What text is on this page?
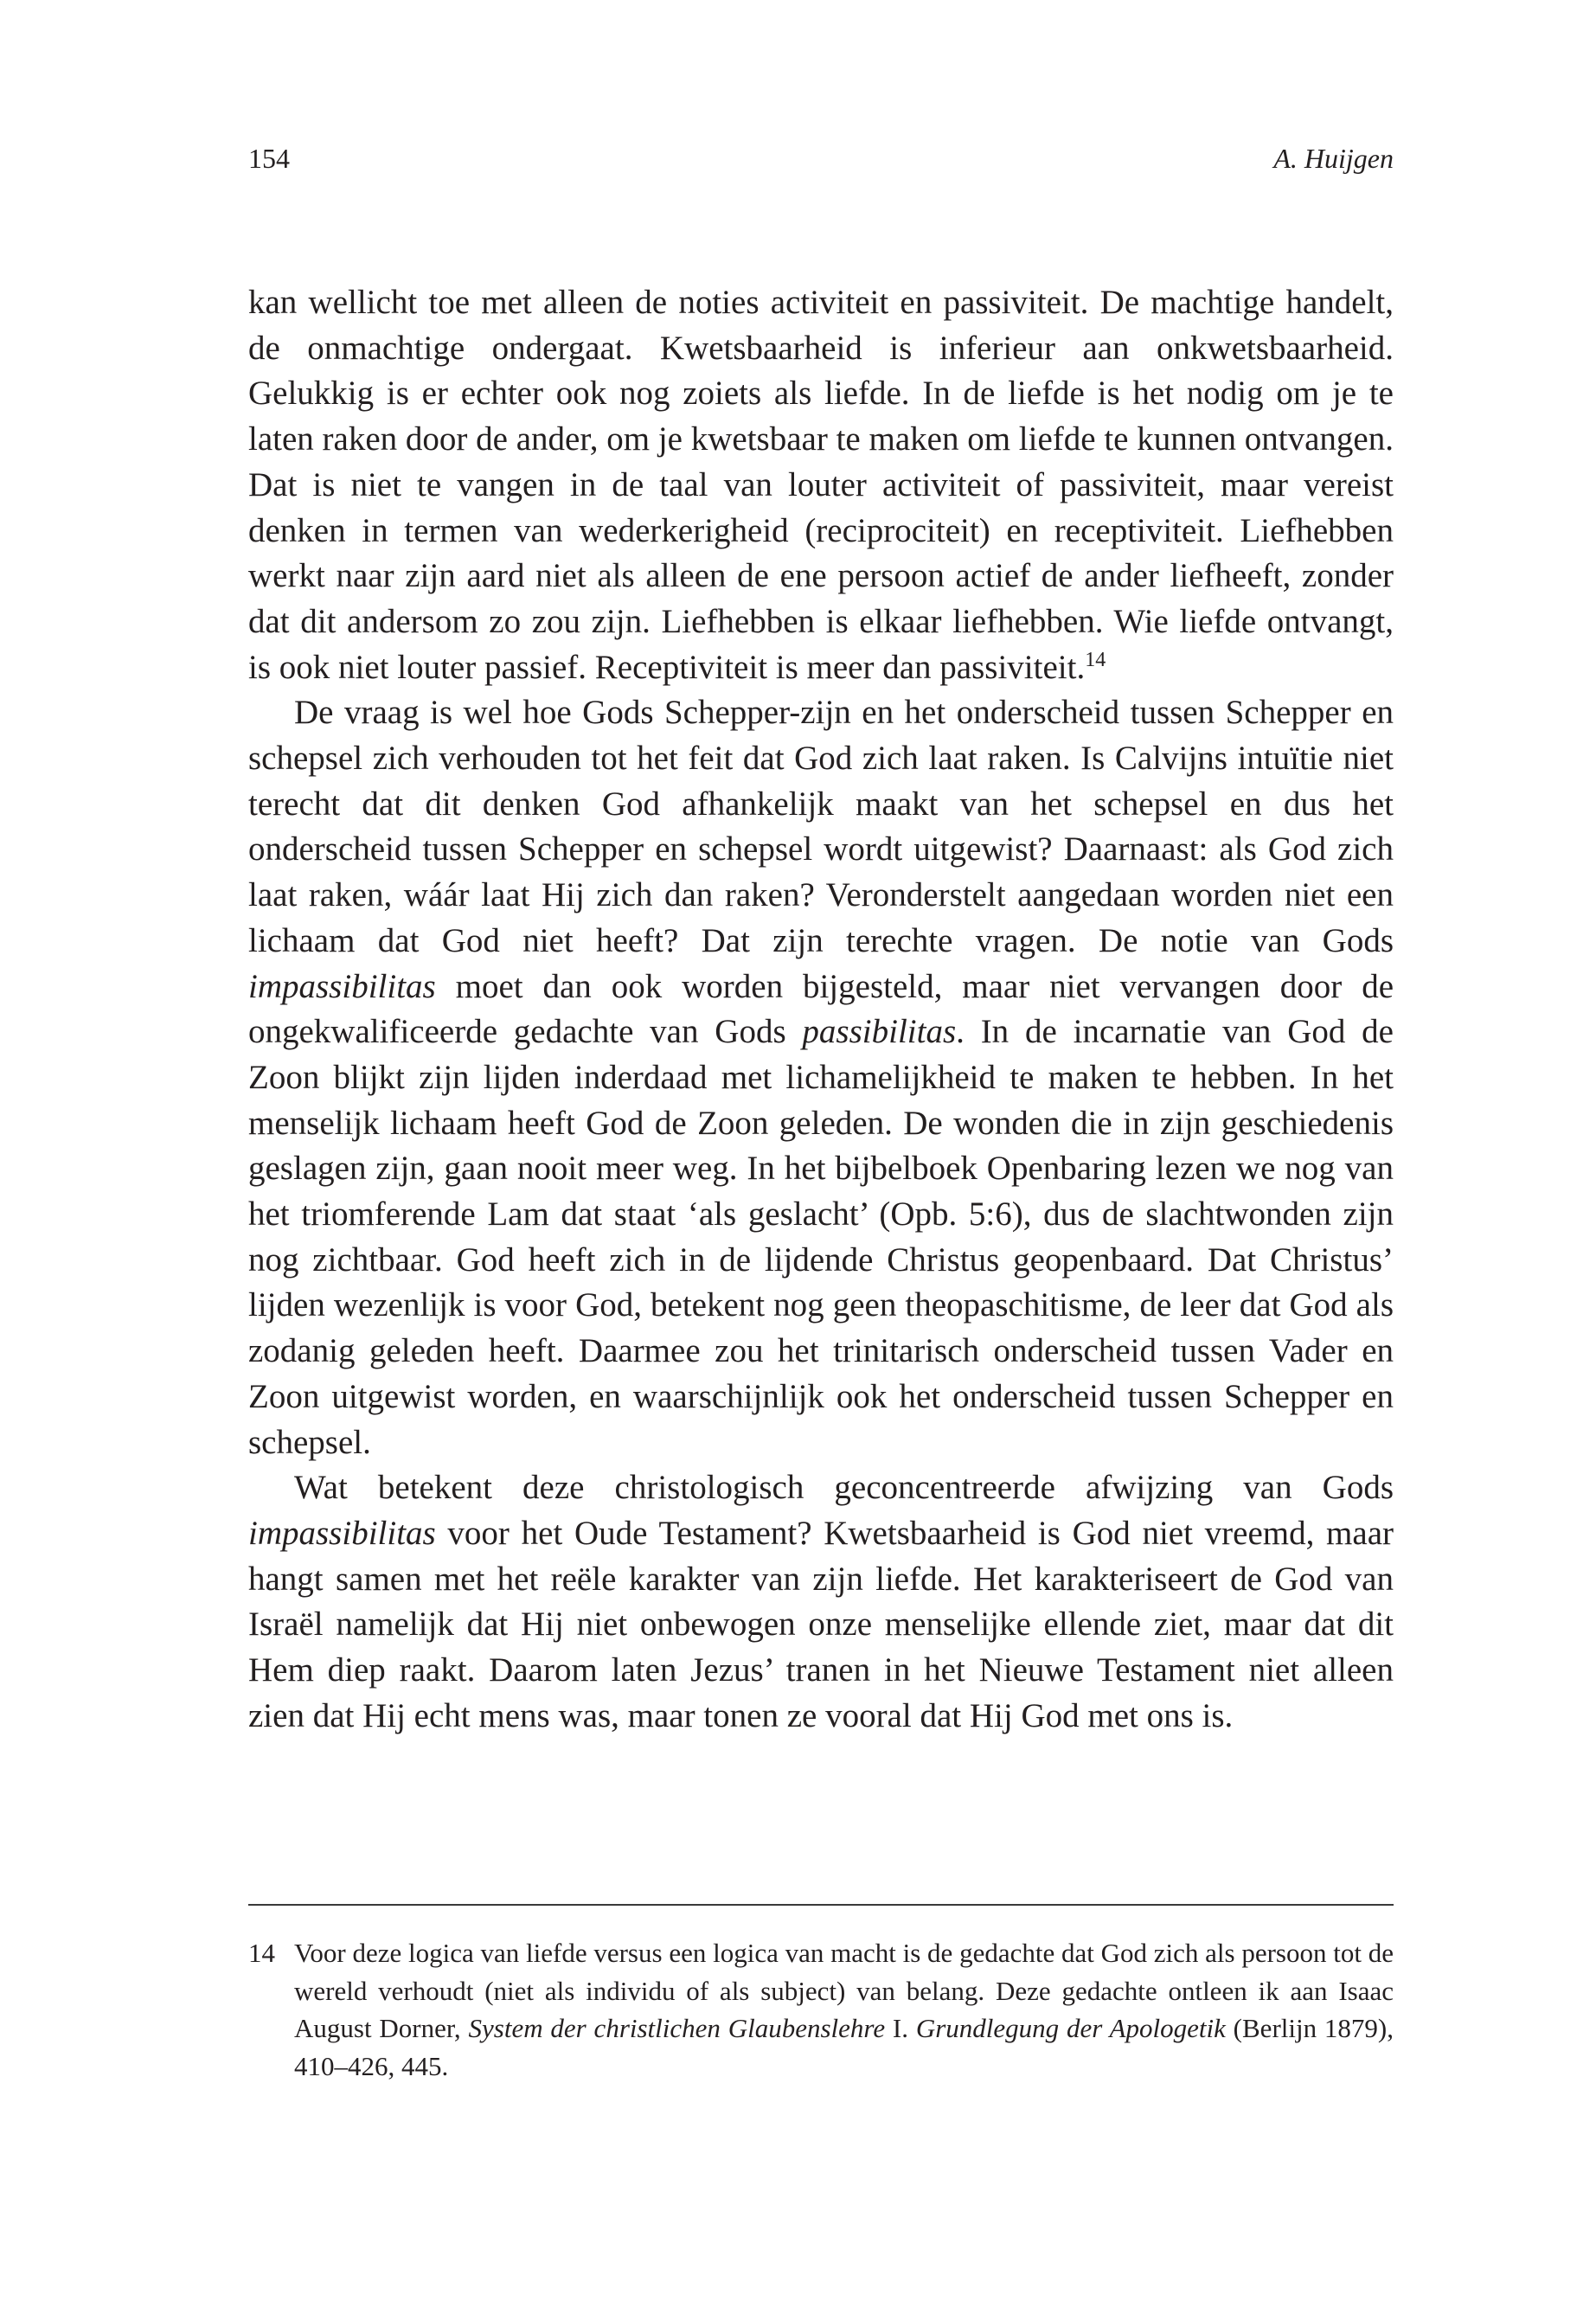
154	A. Huijgen

kan wellicht toe met alleen de noties activiteit en passiviteit. De machtige handelt, de onmachtige ondergaat. Kwetsbaarheid is inferieur aan onkwetsbaarheid. Gelukkig is er echter ook nog zoiets als liefde. In de liefde is het nodig om je te laten raken door de ander, om je kwetsbaar te maken om liefde te kunnen ontvangen. Dat is niet te vangen in de taal van louter activiteit of passiviteit, maar vereist denken in termen van wederkerigheid (reciprociteit) en receptiviteit. Liefhebben werkt naar zijn aard niet als alleen de ene persoon actief de ander liefheeft, zonder dat dit andersom zo zou zijn. Liefhebben is elkaar liefhebben. Wie liefde ontvangt, is ook niet louter passief. Receptiviteit is meer dan passiviteit.$^{14}$

De vraag is wel hoe Gods Schepper-zijn en het onderscheid tussen Schepper en schepsel zich verhouden tot het feit dat God zich laat raken. Is Calvijns intuïtie niet terecht dat dit denken God afhankelijk maakt van het schepsel en dus het onderscheid tussen Schepper en schepsel wordt uitgewist? Daarnaast: als God zich laat raken, wáár laat Hij zich dan raken? Veronderstelt aangedaan worden niet een lichaam dat God niet heeft? Dat zijn terechte vragen. De notie van Gods impassibilitas moet dan ook worden bijgesteld, maar niet vervangen door de ongekwalificeerde gedachte van Gods passibilitas. In de incarnatie van God de Zoon blijkt zijn lijden inderdaad met lichamelijkheid te maken te hebben. In het menselijk lichaam heeft God de Zoon geleden. De wonden die in zijn geschiedenis geslagen zijn, gaan nooit meer weg. In het bijbelboek Openbaring lezen we nog van het triomferende Lam dat staat ‘als geslacht’ (Opb. 5:6), dus de slachtwonden zijn nog zichtbaar. God heeft zich in de lijdende Christus geopenbaard. Dat Christus’ lijden wezenlijk is voor God, betekent nog geen theopaschitisme, de leer dat God als zodanig geleden heeft. Daarmee zou het trinitarisch onderscheid tussen Vader en Zoon uitgewist worden, en waarschijnlijk ook het onderscheid tussen Schepper en schepsel.

Wat betekent deze christologisch geconcentreerde afwijzing van Gods impassibilitas voor het Oude Testament? Kwetsbaarheid is God niet vreemd, maar hangt samen met het reële karakter van zijn liefde. Het karakteriseert de God van Israël namelijk dat Hij niet onbewogen onze menselijke ellende ziet, maar dat dit Hem diep raakt. Daarom laten Jezus’ tranen in het Nieuwe Testament niet alleen zien dat Hij echt mens was, maar tonen ze vooral dat Hij God met ons is.

14 Voor deze logica van liefde versus een logica van macht is de gedachte dat God zich als persoon tot de wereld verhoudt (niet als individu of als subject) van belang. Deze gedachte ontleen ik aan Isaac August Dorner, System der christlichen Glaubenslehre I. Grundlegung der Apologetik (Berlijn 1879), 410–426, 445.
